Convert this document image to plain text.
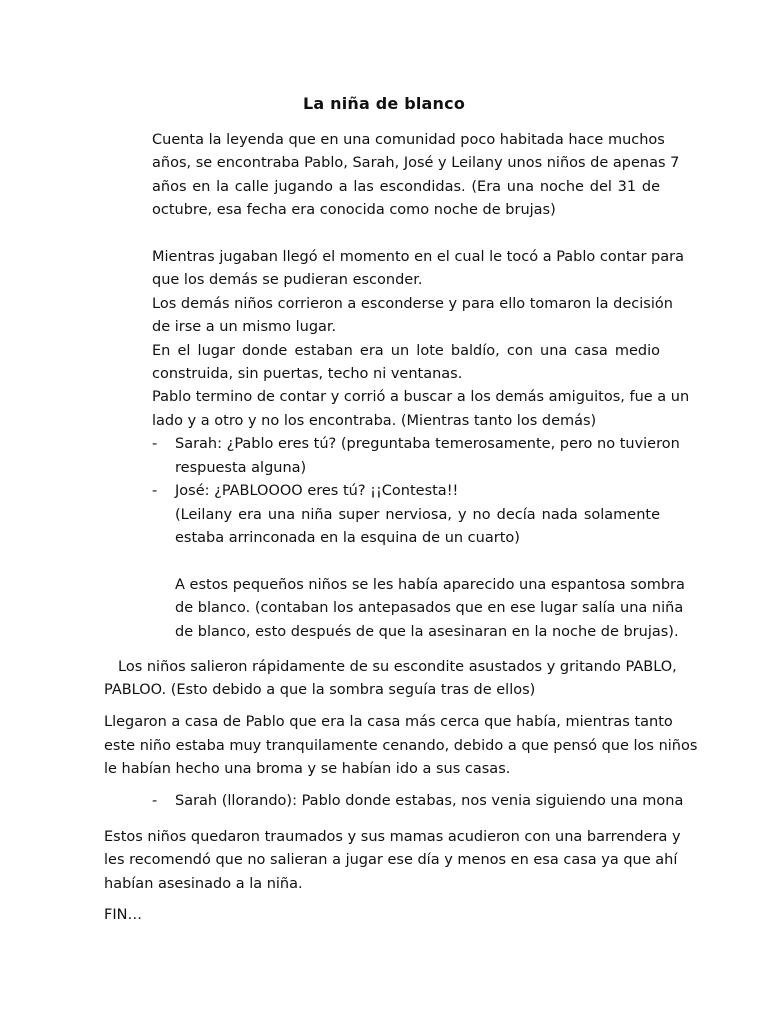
La niña de blanco
Cuenta la leyenda que en una comunidad poco habitada hace muchos
años, se encontraba Pablo, Sarah, José y Leilany unos niños de apenas 7
años en la calle jugando a las escondidas. (Era una noche del 31 de
octubre, esa fecha era conocida como noche de brujas)
Mientras jugaban llegó el momento en el cual le tocó a Pablo contar para
que los demás se pudieran esconder.
Los demás niños corrieron a esconderse y para ello tomaron la decisión
de irse a un mismo lugar.
En el lugar donde estaban era un lote baldío, con una casa medio
construida, sin puertas, techo ni ventanas.
Pablo termino de contar y corrió a buscar a los demás amiguitos, fue a un
lado y a otro y no los encontraba. (Mientras tanto los demás)
- Sarah: ¿Pablo eres tú? (preguntaba temerosamente, pero no tuvieron
respuesta alguna)
- José: ¿PABLOOOO eres tú? ¡¡Contesta!!
(Leilany era una niña super nerviosa, y no decía nada solamente
estaba arrinconada en la esquina de un cuarto)
A estos pequeños niños se les había aparecido una espantosa sombra
de blanco. (contaban los antepasados que en ese lugar salía una niña
de blanco, esto después de que la asesinaran en la noche de brujas).
Los niños salieron rápidamente de su escondite asustados y gritando PABLO,
PABLOO. (Esto debido a que la sombra seguía tras de ellos)
Llegaron a casa de Pablo que era la casa más cerca que había, mientras tanto
este niño estaba muy tranquilamente cenando, debido a que pensó que los niños
le habían hecho una broma y se habían ido a sus casas.
- Sarah (llorando): Pablo donde estabas, nos venia siguiendo una mona
Estos niños quedaron traumados y sus mamas acudieron con una barrendera y
les recomendó que no salieran a jugar ese día y menos en esa casa ya que ahí
habían asesinado a la niña.
FIN…
